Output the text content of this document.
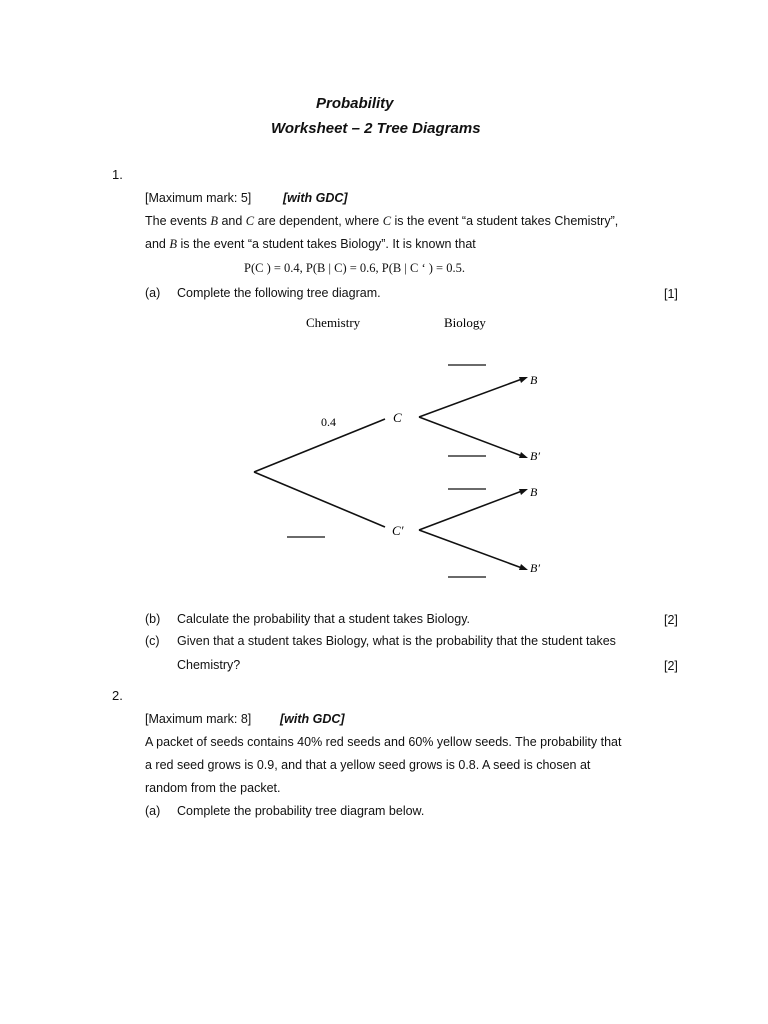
Probability
Worksheet – 2 Tree Diagrams
1.
[Maximum mark: 5]	[with GDC]
The events B and C are dependent, where C is the event “a student takes Chemistry”,
and B is the event “a student takes Biology”. It is known that
P(C ) = 0.4, P(B | C) = 0.6, P(B | C ‘ ) = 0.5.
(a) Complete the following tree diagram.	[1]
Chemistry	Biology
0.4	C
C′
B
B′
B
B′
(b) Calculate the probability that a student takes Biology.	[2]
(c) Given that a student takes Biology, what is the probability that the student takes
Chemistry?	[2]
2.
[Maximum mark: 8] [with GDC]
A packet of seeds contains 40% red seeds and 60% yellow seeds. The probability that
a red seed grows is 0.9, and that a yellow seed grows is 0.8. A seed is chosen at
random from the packet.
(a) Complete the probability tree diagram below.
